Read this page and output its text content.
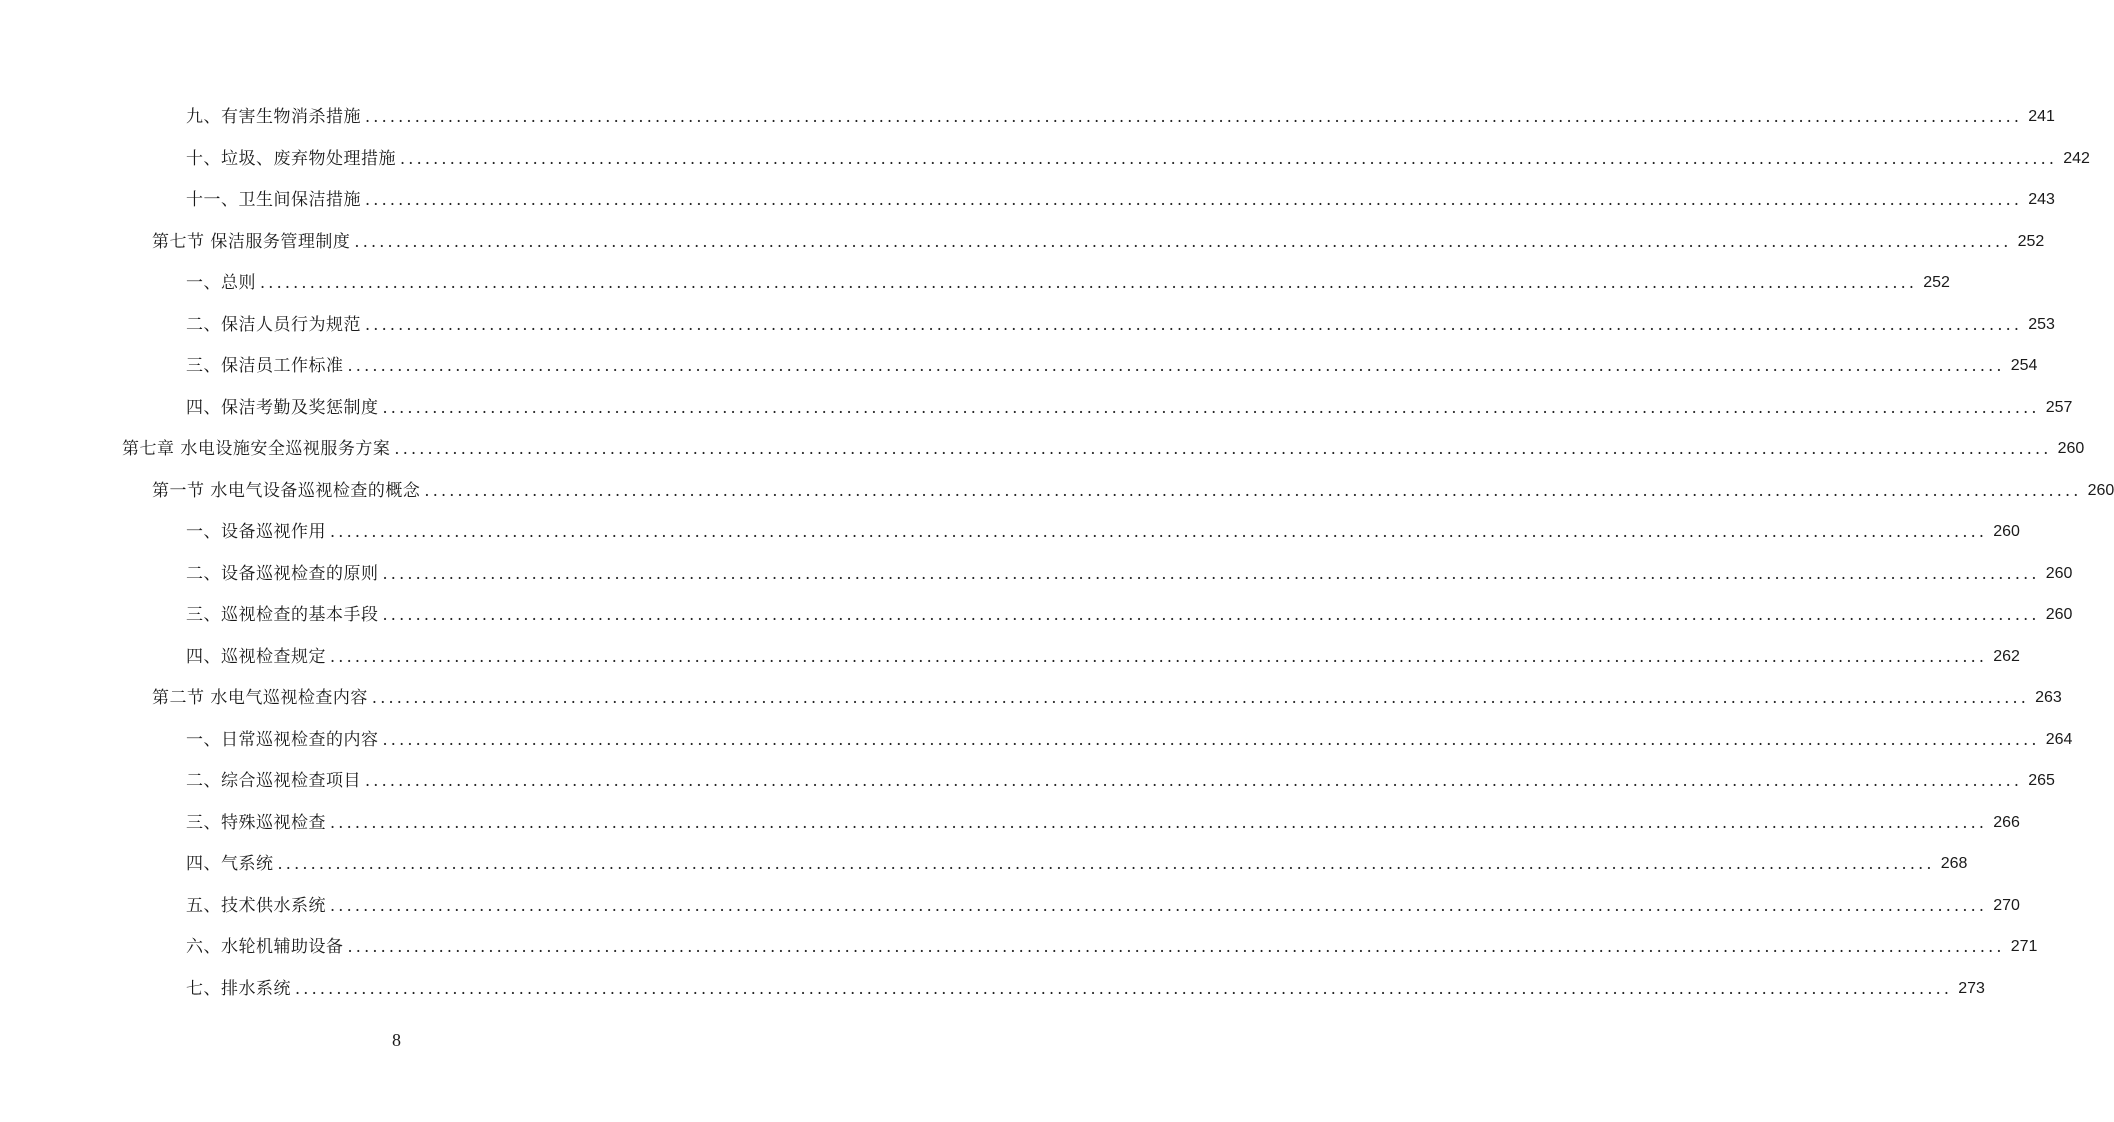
九、有害生物消杀措施 ........................................................................................................................................................................................................ 241
十、垃圾、废弃物处理措施 ........................................................................................................................................................................................................ 242
十一、卫生间保洁措施 ........................................................................................................................................................................................................ 243
第七节 保洁服务管理制度 ........................................................................................................................................................................................................ 252
一、总则 ........................................................................................................................................................................................................ 252
二、保洁人员行为规范 ........................................................................................................................................................................................................ 253
三、保洁员工作标准 ........................................................................................................................................................................................................ 254
四、保洁考勤及奖惩制度 ........................................................................................................................................................................................................ 257
第七章 水电设施安全巡视服务方案 ........................................................................................................................................................................................................ 260
第一节 水电气设备巡视检查的概念 ........................................................................................................................................................................................................ 260
一、设备巡视作用 ........................................................................................................................................................................................................ 260
二、设备巡视检查的原则 ........................................................................................................................................................................................................ 260
三、巡视检查的基本手段 ........................................................................................................................................................................................................ 260
四、巡视检查规定 ........................................................................................................................................................................................................ 262
第二节 水电气巡视检查内容 ........................................................................................................................................................................................................ 263
一、日常巡视检查的内容 ........................................................................................................................................................................................................ 264
二、综合巡视检查项目 ........................................................................................................................................................................................................ 265
三、特殊巡视检查 ........................................................................................................................................................................................................ 266
四、气系统 ........................................................................................................................................................................................................ 268
五、技术供水系统 ........................................................................................................................................................................................................ 270
六、水轮机辅助设备 ........................................................................................................................................................................................................ 271
七、排水系统 ........................................................................................................................................................................................................ 273
8
